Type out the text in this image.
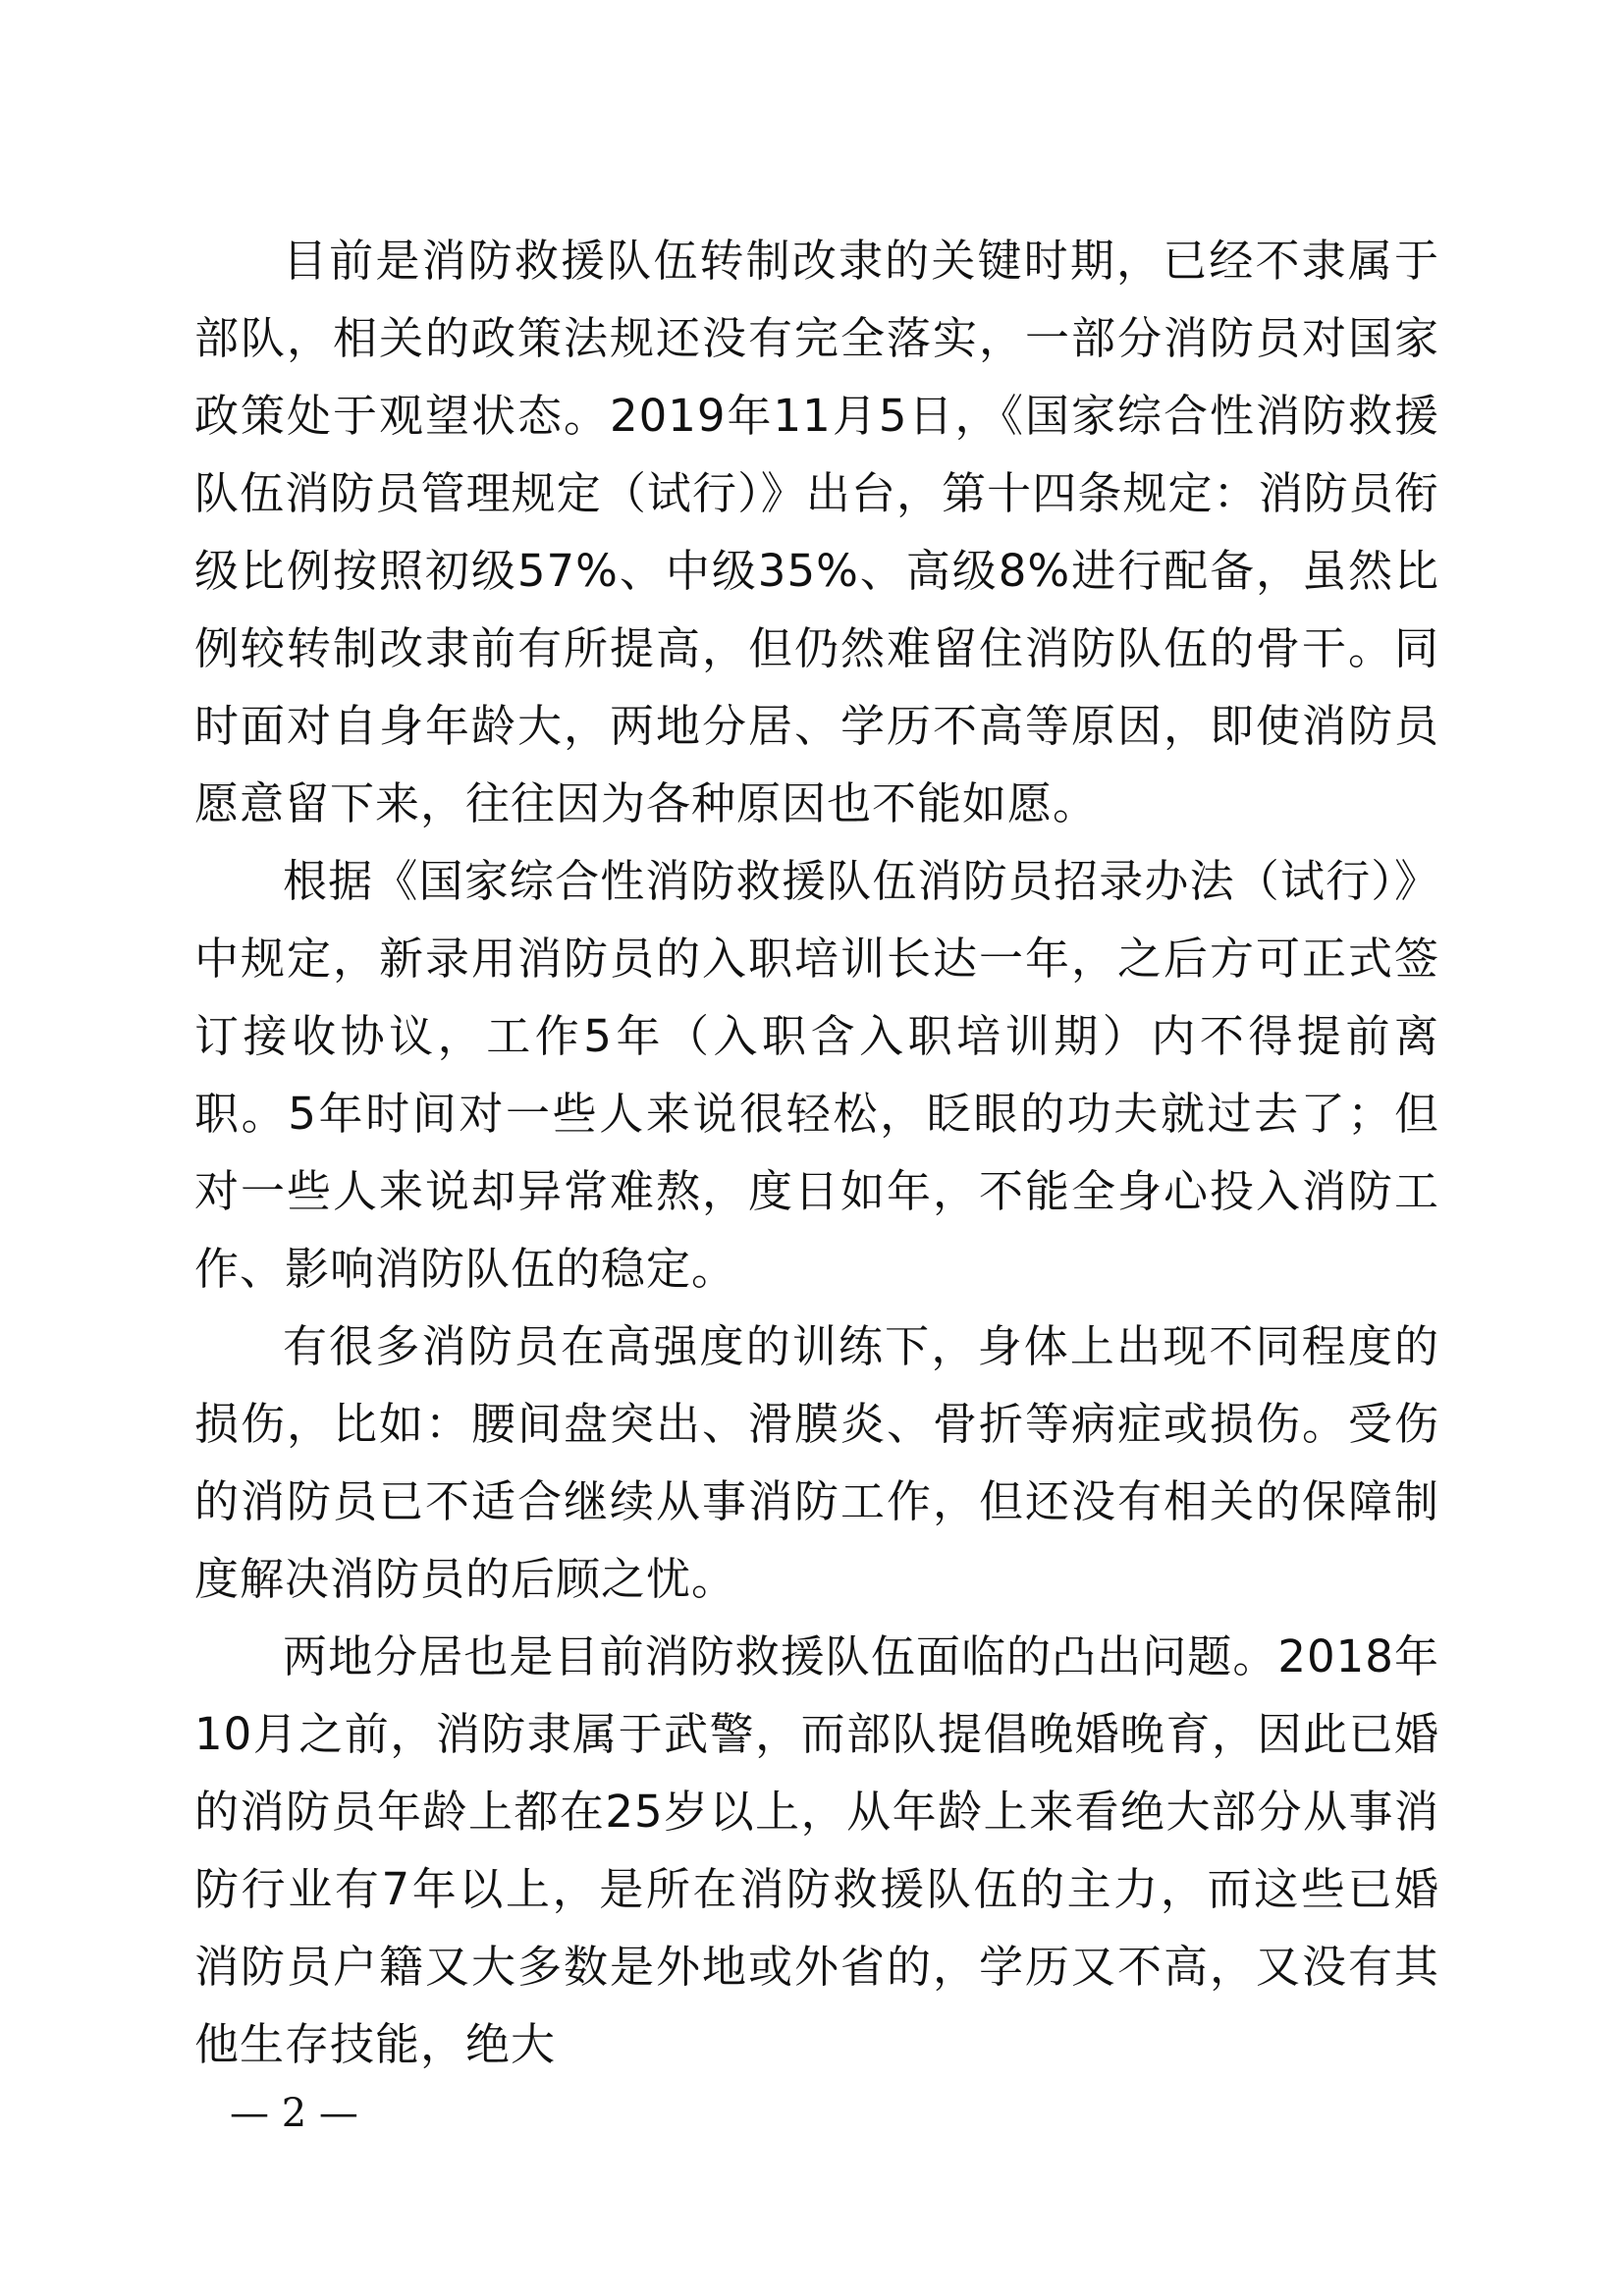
目前是消防救援队伍转制改隶的关键时期，已经不隶属于部队，相关的政策法规还没有完全落实，一部分消防员对国家政策处于观望状态。2019年11月5日，《国家综合性消防救援队伍消防员管理规定（试行）》出台，第十四条规定：消防员衔级比例按照初级57%、中级35%、高级8%进行配备，虽然比例较转制改隶前有所提高，但仍然难留住消防队伍的骨干。同时面对自身年龄大，两地分居、学历不高等原因，即使消防员愿意留下来，往往因为各种原因也不能如愿。

根据《国家综合性消防救援队伍消防员招录办法（试行）》中规定，新录用消防员的入职培训长达一年，之后方可正式签订接收协议，工作5年（入职含入职培训期）内不得提前离职。5年时间对一些人来说很轻松，眨眼的功夫就过去了；但对一些人来说却异常难熬，度日如年，不能全身心投入消防工作、影响消防队伍的稳定。

有很多消防员在高强度的训练下，身体上出现不同程度的损伤，比如：腰间盘突出、滑膜炎、骨折等病症或损伤。受伤的消防员已不适合继续从事消防工作，但还没有相关的保障制度解决消防员的后顾之忧。

两地分居也是目前消防救援队伍面临的凸出问题。2018年10月之前，消防隶属于武警，而部队提倡晚婚晚育，因此已婚的消防员年龄上都在25岁以上，从年龄上来看绝大部分从事消防行业有7年以上，是所在消防救援队伍的主力，而这些已婚消防员户籍又大多数是外地或外省的，学历又不高，又没有其他生存技能，绝大

— 2 —
